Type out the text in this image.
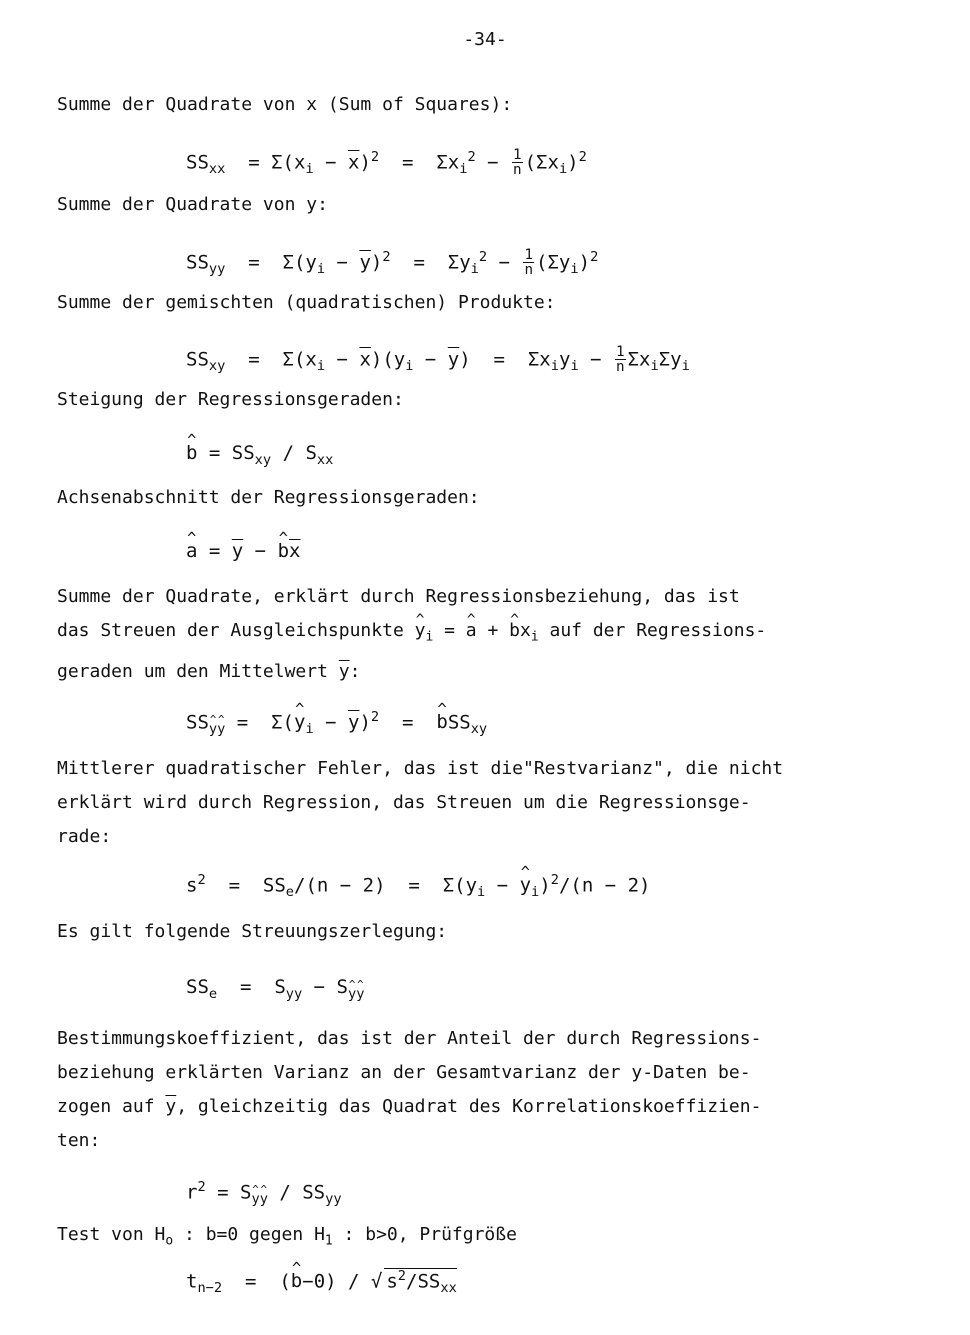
-34-
Summe der Quadrate von x (Sum of Squares):
$SS_{xx} = \Sigma(x_i - \overline{x})^2 = \Sigma x_i^2 - \frac{1}{n} (\Sigma x_i)^2$
Summe der Quadrate von y:
$SS_{yy} = \Sigma(y_i - \overline{y})^2 = \Sigma y_i^2 - \frac{1}{n} (\Sigma y_i)^2$
Summe der gemischten (quadratischen) Produkte:
$SS_{xy} = \Sigma(x_i - \overline{x})(y_i - \overline{y}) = \Sigma x_iy_i - \frac{1}{n} \Sigma x_i\Sigma y_i$
Steigung der Regressionsgeraden:
^ $b = SS_{xy} / S_{xx}$
Achsenabschnitt der Regressionsgeraden:
^ $a = \overline{y}$ − ^ $b\overline{x}$
Summe der Quadrate, erklärt durch Regressionsbeziehung, das ist
das Streuen der Ausgleichspunkte ^ $y_i$ = ^ a + ^ $bx_i$ auf der Regressions-
geraden um den Mittelwert $\overline{y}$:
SS^ $_{y\^{} y}$ =  Σ(^ $y_i - \overline{y})^2$  =  ^ bSS$_{xy}$
Mittlerer quadratischer Fehler, das ist die"Restvarianz", die nicht
erklärt wird durch Regression, das Streuen um die Regressionsge-
rade:
$s^2 = SS_e/(n - 2) = \Sigma(y_i$ − ^ $y_i)^2/(n - 2)$
Es gilt folgende Streuungszerlegung:
$SS_e = S_{yy}$ − S^ $_{y\^{} y}$
Bestimmungskoeffizient, das ist der Anteil der durch Regressions-
beziehung erklärten Varianz an der Gesamtvarianz der y-Daten be-
zogen auf $\overline{y}$, gleichzeitig das Quadrat des Korrelationskoeffizien-
ten:
$r^2$ = S^ $_{y\^{} y} / SS_{yy}$
Test von $H_o$ : b=0 gegen $H_1$ : b>0, Prüfgröße
$t_{n-2}$  =  (^ b−0) / √ $s^2/SS_{xx}$
